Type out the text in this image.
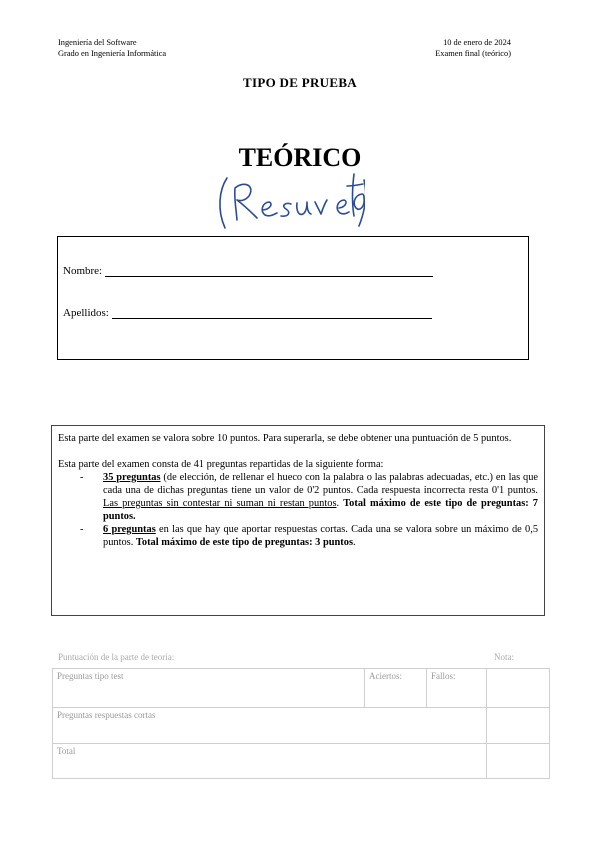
Ingeniería del Software
Grado en Ingeniería Informática
10 de enero de 2024
Examen final (teórico)
TIPO DE PRUEBA
TEÓRICO
Nombre:
Apellidos:

Esta parte del examen se valora sobre 10 puntos. Para superarla, se debe obtener una puntuación de 5 puntos.

Esta parte del examen consta de 41 preguntas repartidas de la siguiente forma:

- 35 preguntas (de elección, de rellenar el hueco con la palabra o las palabras adecuadas, etc.) en las que cada una de dichas preguntas tiene un valor de 0'2 puntos. Cada respuesta incorrecta resta 0'1 puntos. Las preguntas sin contestar ni suman ni restan puntos. Total máximo de este tipo de preguntas: 7 puntos.
- 6 preguntas en las que hay que aportar respuestas cortas. Cada una se valora sobre un máximo de 0,5 puntos. Total máximo de este tipo de preguntas: 3 puntos.
Puntuación de la parte de teoría:	Nota:
Preguntas tipo test	Aciertos:	Fallos:	
Preguntas respuestas cortas			
Total			
